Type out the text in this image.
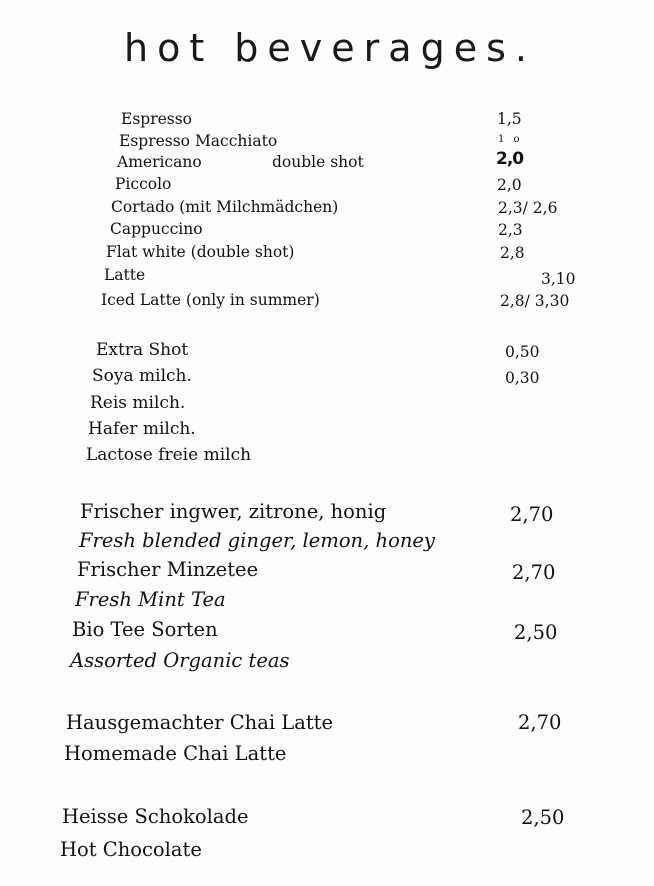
hot beverages.
Espresso	1,5
Espresso Macchiato	1 o
Americano	double shot	2,0
Piccolo	2,0
Cortado (mit Milchmädchen)	2,3/ 2,6
Cappuccino	2,3
Flat white (double shot)	2,8
Latte	3,10
Iced Latte (only in summer)	2,8/ 3,30
Extra Shot	0,50
Soya milch.	0,30
Reis milch.
Hafer milch.
Lactose freie milch
Frischer ingwer, zitrone, honig	2,70
Fresh blended ginger, lemon, honey
Frischer Minzetee	2,70
Fresh Mint Tea
Bio Tee Sorten	2,50
Assorted Organic teas
Hausgemachter Chai Latte	2,70
Homemade Chai Latte
Heisse Schokolade	2,50
Hot Chocolate
